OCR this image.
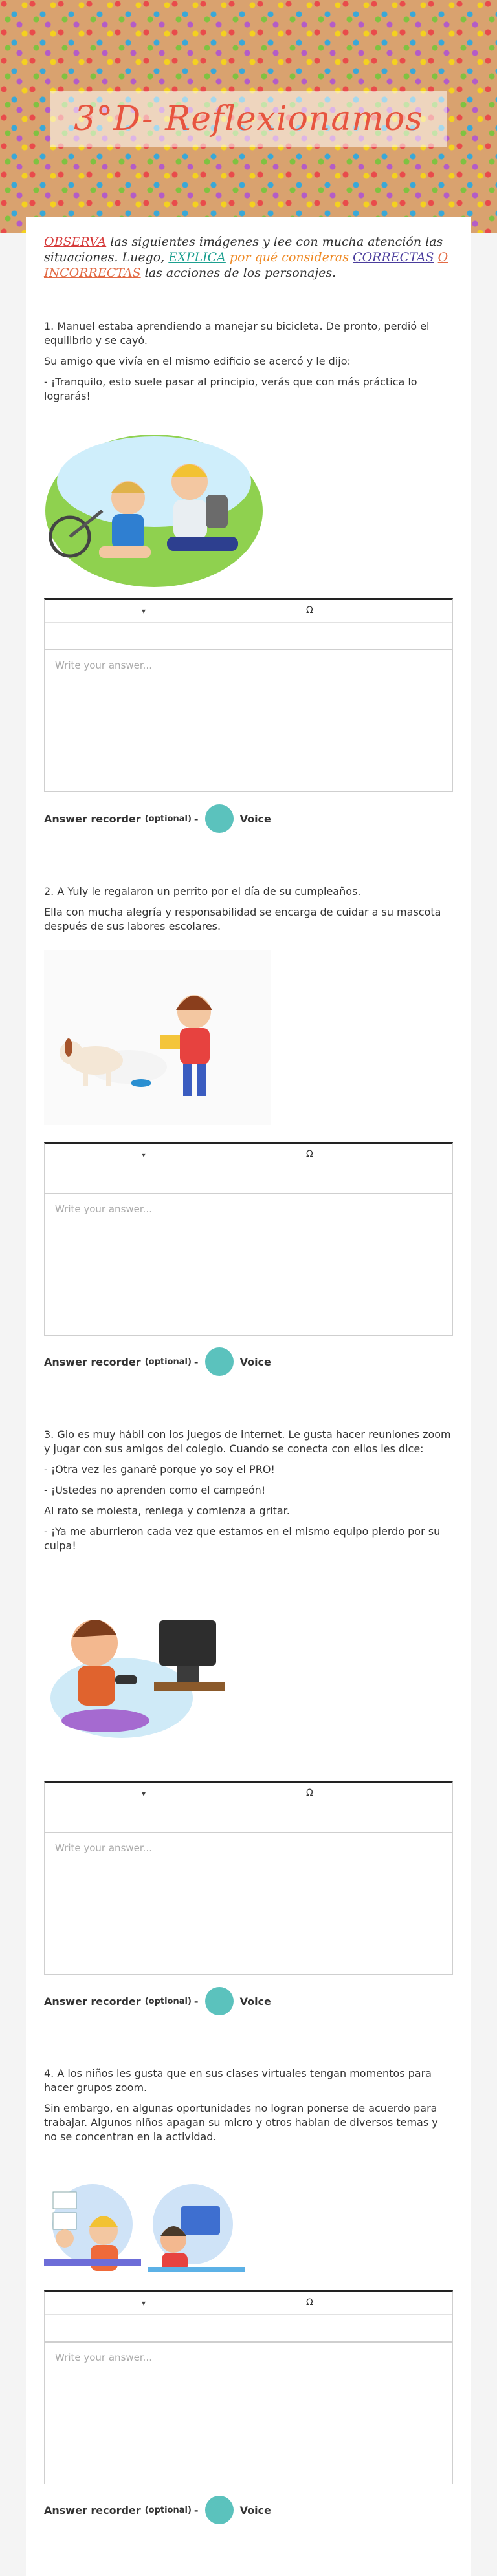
3°D- Reflexionamos
OBSERVA las siguientes imágenes y lee con mucha atención las situaciones. Luego, EXPLICA por qué consideras CORRECTAS O INCORRECTAS las acciones de los personajes.

1. Manuel estaba aprendiendo a manejar su bicicleta. De pronto, perdió el equilibrio y se cayó.

Su amigo que vivía en el mismo edificio se acercó y le dijo:

- ¡Tranquilo, esto suele pasar al principio, verás que con más práctica lo lograrás!

▾	Ω
Write your answer...
Answer recorder (optional) -	Voice

2. A Yuly le regalaron un perrito por el día de su cumpleaños.

Ella con mucha alegría y responsabilidad se encarga de cuidar a su mascota después de sus labores escolares.

▾	Ω
Write your answer...
Answer recorder (optional) -	Voice

3. Gio es muy hábil con los juegos de internet. Le gusta hacer reuniones zoom y jugar con sus amigos del colegio. Cuando se conecta con ellos les dice:

- ¡Otra vez les ganaré porque yo soy el PRO!

- ¡Ustedes no aprenden como el campeón!

Al rato se molesta, reniega y comienza a gritar.

- ¡Ya me aburrieron cada vez que estamos en el mismo equipo pierdo por su culpa!

▾	Ω
Write your answer...
Answer recorder (optional) -	Voice

4. A los niños les gusta que en sus clases virtuales tengan momentos para hacer grupos zoom.

Sin embargo, en algunas oportunidades no logran ponerse de acuerdo para trabajar. Algunos niños apagan su micro y otros hablan de diversos temas y no se concentran en la actividad.

▾	Ω
Write your answer...
Answer recorder (optional) -	Voice
